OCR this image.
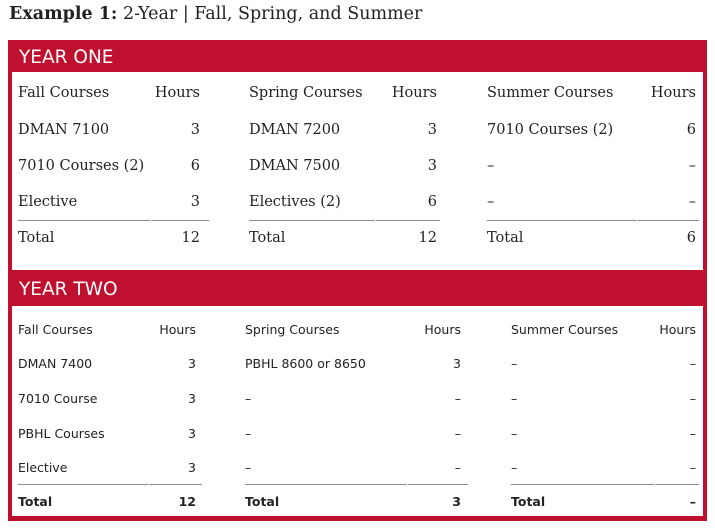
Example 1: 2-Year | Fall, Spring, and Summer
YEAR ONE
Fall Courses	Hours
DMAN 7100	3
7010 Courses (2)	6
Elective	3
Total	12
Spring Courses Hours
DMAN 7200	3
DMAN 7500	3
Electives (2)	6
Total	12
Summer Courses	Hours
7010 Courses (2)	6
–	–
–	–
Total	6
YEAR TWO
Fall Courses	Hours
DMAN 7400	3
7010 Course	3
PBHL Courses	3
Elective	3
Total	12
Spring Courses	Hours
PBHL 8600 or 8650	3
–	–
–	–
–	–
Total	3
Summer Courses	Hours
–	–
–	–
–	–
–	–
Total	–
